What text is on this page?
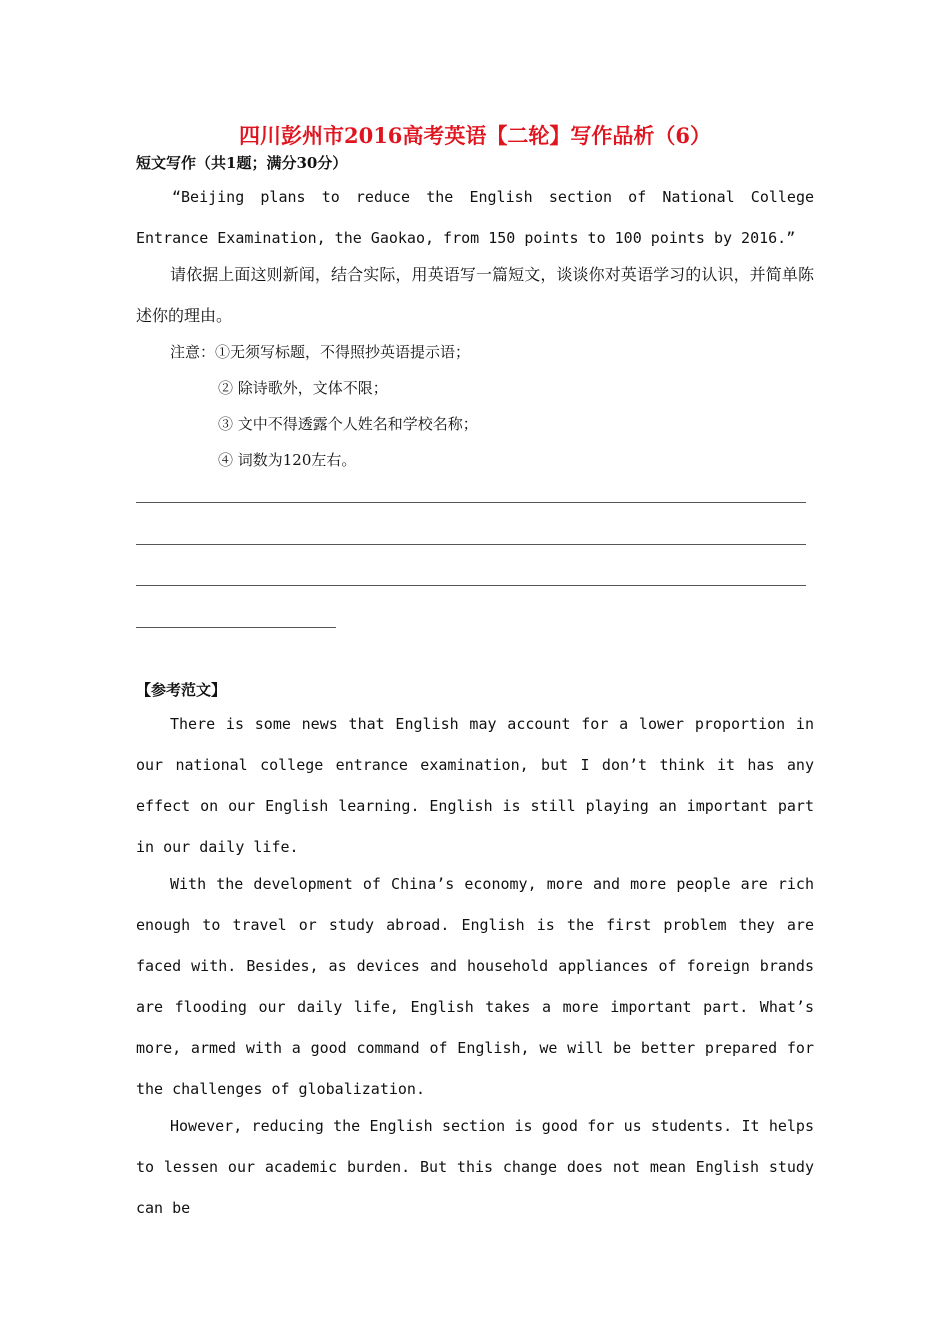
四川彭州市2016高考英语【二轮】写作品析（6）
短文写作（共1题；满分30分）
“Beijing plans to reduce the English section of National College Entrance Examination, the Gaokao, from 150 points to 100 points by 2016.”
请依据上面这则新闻，结合实际，用英语写一篇短文，谈谈你对英语学习的认识，并简单陈述你的理由。
注意：①无须写标题，不得照抄英语提示语；
② 除诗歌外，文体不限；
③ 文中不得透露个人姓名和学校名称；
④ 词数为120左右。
【参考范文】
There is some news that English may account for a lower proportion in our national college entrance examination, but I don’t think it has any effect on our English learning. English is still playing an important part in our daily life.
With the development of China’s economy, more and more people are rich enough to travel or study abroad. English is the first problem they are faced with. Besides, as devices and household appliances of foreign brands are flooding our daily life, English takes a more important part. What’s more, armed with a good command of English, we will be better prepared for the challenges of globalization.
However, reducing the English section is good for us students. It helps to lessen our academic burden. But this change does not mean English study can be
